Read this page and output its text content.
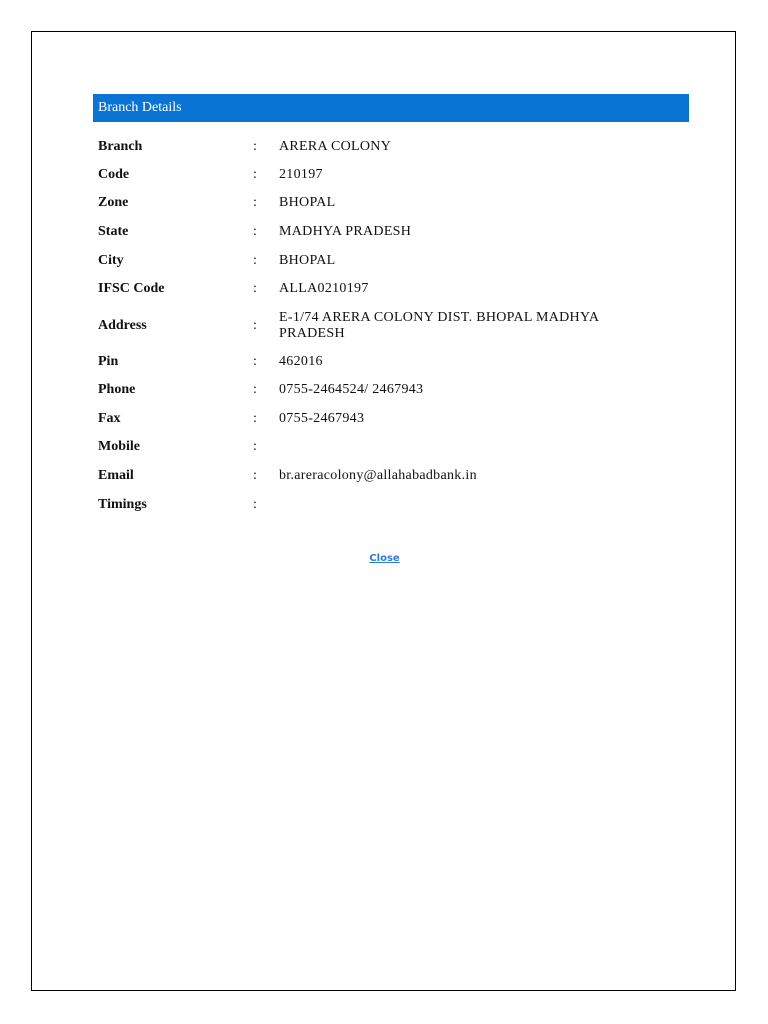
Branch Details
Branch	:	ARERA COLONY
Code	:	210197
Zone	:	BHOPAL
State	:	MADHYA PRADESH
City	:	BHOPAL
IFSC Code	:	ALLA0210197
Address	:
E-1/74 ARERA COLONY DIST. BHOPAL MADHYA PRADESH
Pin	:	462016
Phone	:	0755-2464524/ 2467943
Fax	:	0755-2467943
Mobile	:
Email	:	br.areracolony@allahabadbank.in
Timings	:
Close
